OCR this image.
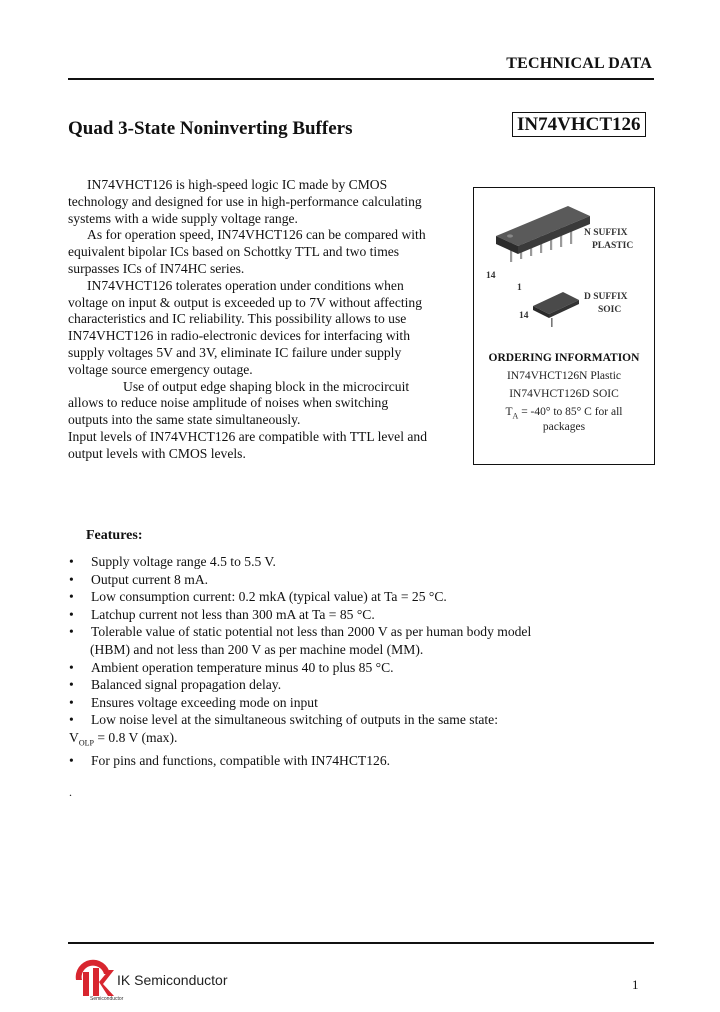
TECHNICAL DATA
Quad 3-State Noninverting Buffers	IN74VHCT126

IN74VHCT126 is high-speed logic IC made by CMOS technology and designed for use in high-performance calculating systems with a wide supply voltage range.

As for operation speed, IN74VHCT126 can be compared with equivalent bipolar ICs based on Schottky TTL and two times surpasses ICs of IN74HC series.

IN74VHCT126 tolerates operation under conditions when voltage on input & output is exceeded up to 7V without affecting characteristics and IC reliability. This possibility allows to use IN74VHCT126 in radio-electronic devices for interfacing with supply voltages 5V and 3V, eliminate IC failure under supply voltage source emergency outage.

Use of output edge shaping block in the microcircuit allows to reduce noise amplitude of noises when switching outputs into the same state simultaneously.

Input levels of IN74VHCT126 are compatible with TTL level and output levels with CMOS levels.

N SUFFIX
PLASTIC
14
1
D SUFFIX
SOIC
14
ORDERING INFORMATION
IN74VHCT126N Plastic
IN74VHCT126D SOIC
$T_A = -40^\circ$ to 85° C for all
packages
Features:
• Supply voltage range 4.5 to 5.5 V.
• Output current 8 mA.
• Low consumption current: 0.2 mkA (typical value) at Ta = 25 °C.
• Latchup current not less than 300 mA at Ta = 85 °C.
• Tolerable value of static potential not less than 2000 V as per human body model
(HBM) and not less than 200 V as per machine model (MM).
• Ambient operation temperature minus 40 to plus 85 °C.
• Balanced signal propagation delay.
• Ensures voltage exceeding mode on input
• Low noise level at the simultaneous switching of outputs in the same state:
$V_{OLP} = 0.8$ V (max).
• For pins and functions, compatible with IN74HCT126.
.
Semiconductor
IK Semiconductor	1
